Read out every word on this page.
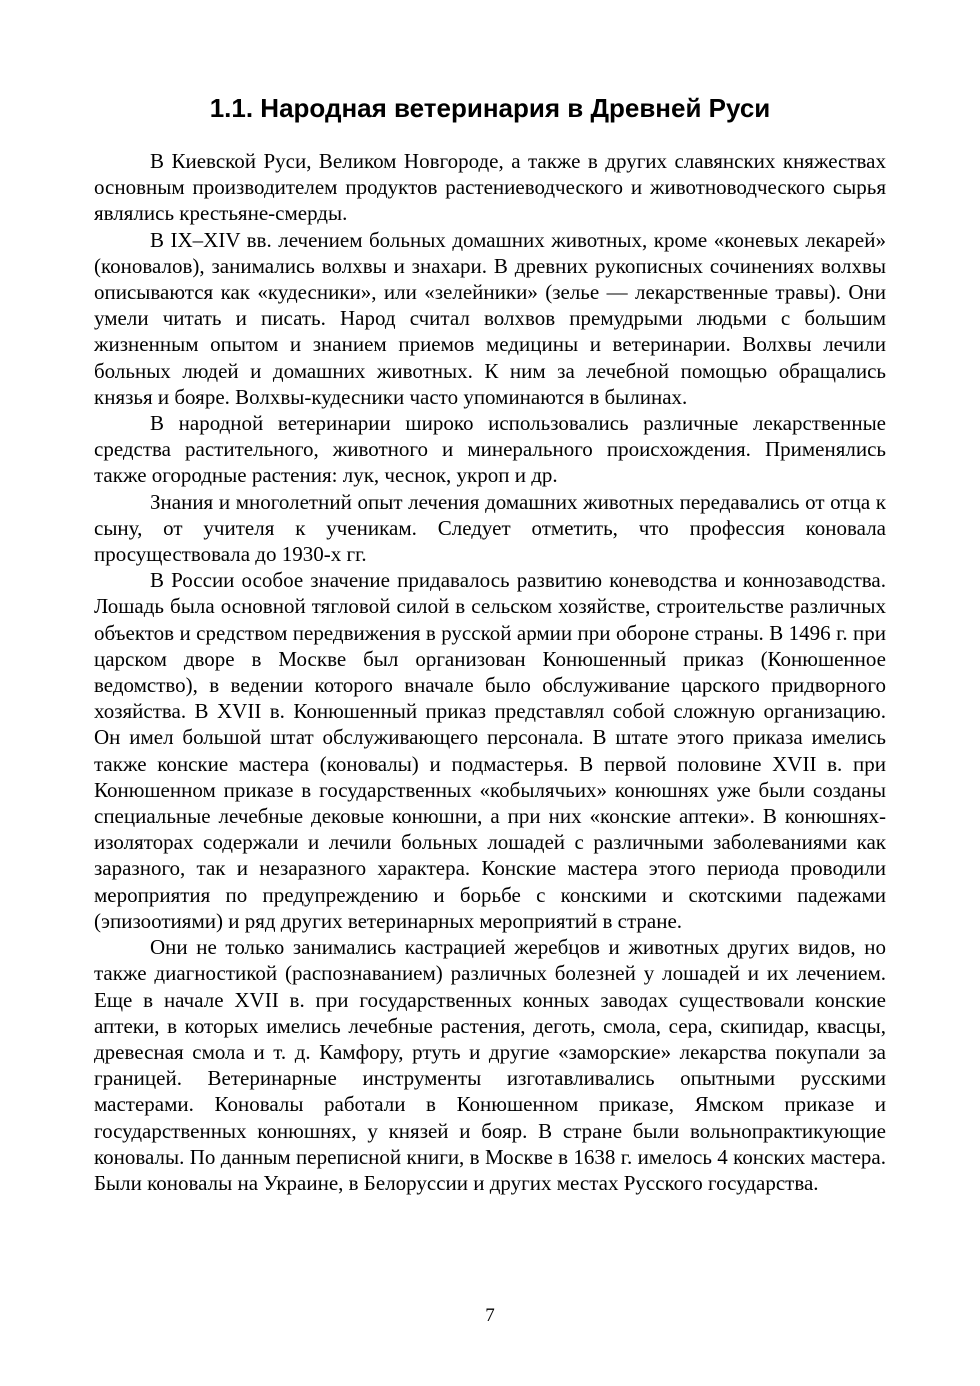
1.1. Народная ветеринария в Древней Руси

В Киевской Руси, Великом Новгороде, а также в других славянских княжествах основным производителем продуктов растениеводческого и животноводческого сырья являлись крестьяне-смерды.

В IX–XIV вв. лечением больных домашних животных, кроме «коневых лекарей» (коновалов), занимались волхвы и знахари. В древних рукописных сочинениях волхвы описываются как «кудесники», или «зелейники» (зелье — лекарственные травы). Они умели читать и писать. Народ считал волхвов премудрыми людьми с большим жизненным опытом и знанием приемов медицины и ветеринарии. Волхвы лечили больных людей и домашних животных. К ним за лечебной помощью обращались князья и бояре. Волхвы-кудесники часто упоминаются в былинах.

В народной ветеринарии широко использовались различные лекарственные средства растительного, животного и минерального происхождения. Применялись также огородные растения: лук, чеснок, укроп и др.

Знания и многолетний опыт лечения домашних животных передавались от отца к сыну, от учителя к ученикам. Следует отметить, что профессия коновала просуществовала до 1930-х гг.

В России особое значение придавалось развитию коневодства и коннозаводства. Лошадь была основной тягловой силой в сельском хозяйстве, строительстве различных объектов и средством передвижения в русской армии при обороне страны. В 1496 г. при царском дворе в Москве был организован Конюшенный приказ (Конюшенное ведомство), в ведении которого вначале было обслуживание царского придворного хозяйства. В XVII в. Конюшенный приказ представлял собой сложную организацию. Он имел большой штат обслуживающего персонала. В штате этого приказа имелись также конские мастера (коновалы) и подмастерья. В первой половине XVII в. при Конюшенном приказе в государственных «кобылячьих» конюшнях уже были созданы специальные лечебные дековые конюшни, а при них «конские аптеки». В конюшнях-изоляторах содержали и лечили больных лошадей с различными заболеваниями как заразного, так и незаразного характера. Конские мастера этого периода проводили мероприятия по предупреждению и борьбе с конскими и скотскими падежами (эпизоотиями) и ряд других ветеринарных мероприятий в стране.

Они не только занимались кастрацией жеребцов и животных других видов, но также диагностикой (распознаванием) различных болезней у лошадей и их лечением. Еще в начале XVII в. при государственных конных заводах существовали конские аптеки, в которых имелись лечебные растения, деготь, смола, сера, скипидар, квасцы, древесная смола и т. д. Камфору, ртуть и другие «заморские» лекарства покупали за границей. Ветеринарные инструменты изготавливались опытными русскими мастерами. Коновалы работали в Конюшенном приказе, Ямском приказе и государственных конюшнях, у князей и бояр. В стране были вольнопрактикующие коновалы. По данным переписной книги, в Москве в 1638 г. имелось 4 конских мастера. Были коновалы на Украине, в Белоруссии и других местах Русского государства.

7
